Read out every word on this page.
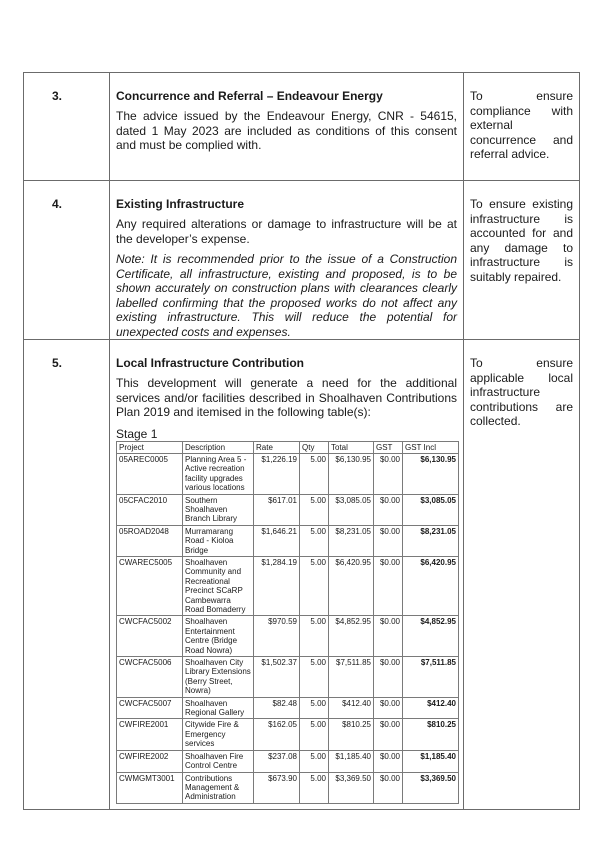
3.	Concurrence and Referral – Endeavour Energy
The advice issued by the Endeavour Energy, CNR - 54615, dated 1 May 2023 are included as conditions of this consent and must be complied with.

To ensure compliance with external concurrence and referral advice.

4.	Existing Infrastructure
Any required alterations or damage to infrastructure will be at the developer’s expense.
Note: It is recommended prior to the issue of a Construction Certificate, all infrastructure, existing and proposed, is to be shown accurately on construction plans with clearances clearly labelled confirming that the proposed works do not affect any existing infrastructure. This will reduce the potential for unexpected costs and expenses.

To ensure existing infrastructure is accounted for and any damage to infrastructure is suitably repaired.

5.	Local Infrastructure Contribution
This development will generate a need for the additional services and/or facilities described in Shoalhaven Contributions Plan 2019 and itemised in the following table(s):
Stage 1
Project	Description	Rate	Qty	Total	GST	GST Incl
05AREC0005	Planning Area 5 - Active recreation facility upgrades various locations	$1,226.19	5.00	$6,130.95	$0.00	$6,130.95
05CFAC2010	Southern Shoalhaven Branch Library	$617.01	5.00	$3,085.05	$0.00	$3,085.05
05ROAD2048	Murramarang Road - Kioloa Bridge	$1,646.21	5.00	$8,231.05	$0.00	$8,231.05
CWAREC5005	Shoalhaven Community and Recreational Precinct SCaRP Cambewarra Road Bomaderry	$1,284.19	5.00	$6,420.95	$0.00	$6,420.95
CWCFAC5002	Shoalhaven Entertainment Centre (Bridge Road Nowra)	$970.59	5.00	$4,852.95	$0.00	$4,852.95
CWCFAC5006	Shoalhaven City Library Extensions (Berry Street, Nowra)	$1,502.37	5.00	$7,511.85	$0.00	$7,511.85
CWCFAC5007	Shoalhaven Regional Gallery	$82.48	5.00	$412.40	$0.00	$412.40
CWFIRE2001	Citywide Fire & Emergency services	$162.05	5.00	$810.25	$0.00	$810.25
CWFIRE2002	Shoalhaven Fire Control Centre	$237.08	5.00	$1,185.40	$0.00	$1,185.40
CWMGMT3001	Contributions Management & Administration	$673.90	5.00	$3,369.50	$0.00	$3,369.50

To ensure applicable local infrastructure contributions are collected.
